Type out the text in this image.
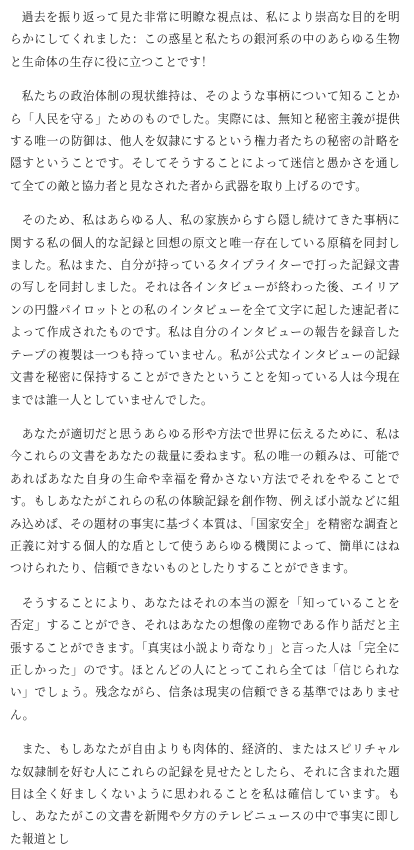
過去を振り返って見た非常に明瞭な視点は、私により崇高な目的を明らかにしてくれました：この惑星と私たちの銀河系の中のあらゆる生物と生命体の生存に役に立つことです！

私たちの政治体制の現状維持は、そのような事柄について知ることから「人民を守る」ためのものでした。実際には、無知と秘密主義が提供する唯一の防御は、他人を奴隷にするという権力者たちの秘密の計略を隠すということです。そしてそうすることによって迷信と愚かさを通して全ての敵と協力者と見なされた者から武器を取り上げるのです。

そのため、私はあらゆる人、私の家族からすら隠し続けてきた事柄に関する私の個人的な記録と回想の原文と唯一存在している原稿を同封しました。私はまた、自分が持っているタイプライターで打った記録文書の写しを同封しました。それは各インタビューが終わった後、エイリアンの円盤パイロットとの私のインタビューを全て文字に起した速記者によって作成されたものです。私は自分のインタビューの報告を録音したテープの複製は一つも持っていません。私が公式なインタビューの記録文書を秘密に保持することができたということを知っている人は今現在までは誰一人としていませんでした。

あなたが適切だと思うあらゆる形や方法で世界に伝えるために、私は今これらの文書をあなたの裁量に委ねます。私の唯一の頼みは、可能であればあなた自身の生命や幸福を脅かさない方法でそれをやることです。もしあなたがこれらの私の体験記録を創作物、例えば小説などに組み込めば、その題材の事実に基づく本質は、「国家安全」を精密な調査と正義に対する個人的な盾として使うあらゆる機関によって、簡単にはねつけられたり、信頼できないものとしたりすることができます。

そうすることにより、あなたはそれの本当の源を「知っていることを否定」することができ、それはあなたの想像の産物である作り話だと主張することができます。「真実は小説より奇なり」と言った人は「完全に正しかった」のです。ほとんどの人にとってこれら全ては「信じられない」でしょう。残念ながら、信条は現実の信頼できる基準ではありません。

また、もしあなたが自由よりも肉体的、経済的、またはスピリチャルな奴隷制を好む人にこれらの記録を見せたとしたら、それに含まれた題目は全く好ましくないように思われることを私は確信しています。もし、あなたがこの文書を新聞や夕方のテレビニュースの中で事実に即した報道とし
